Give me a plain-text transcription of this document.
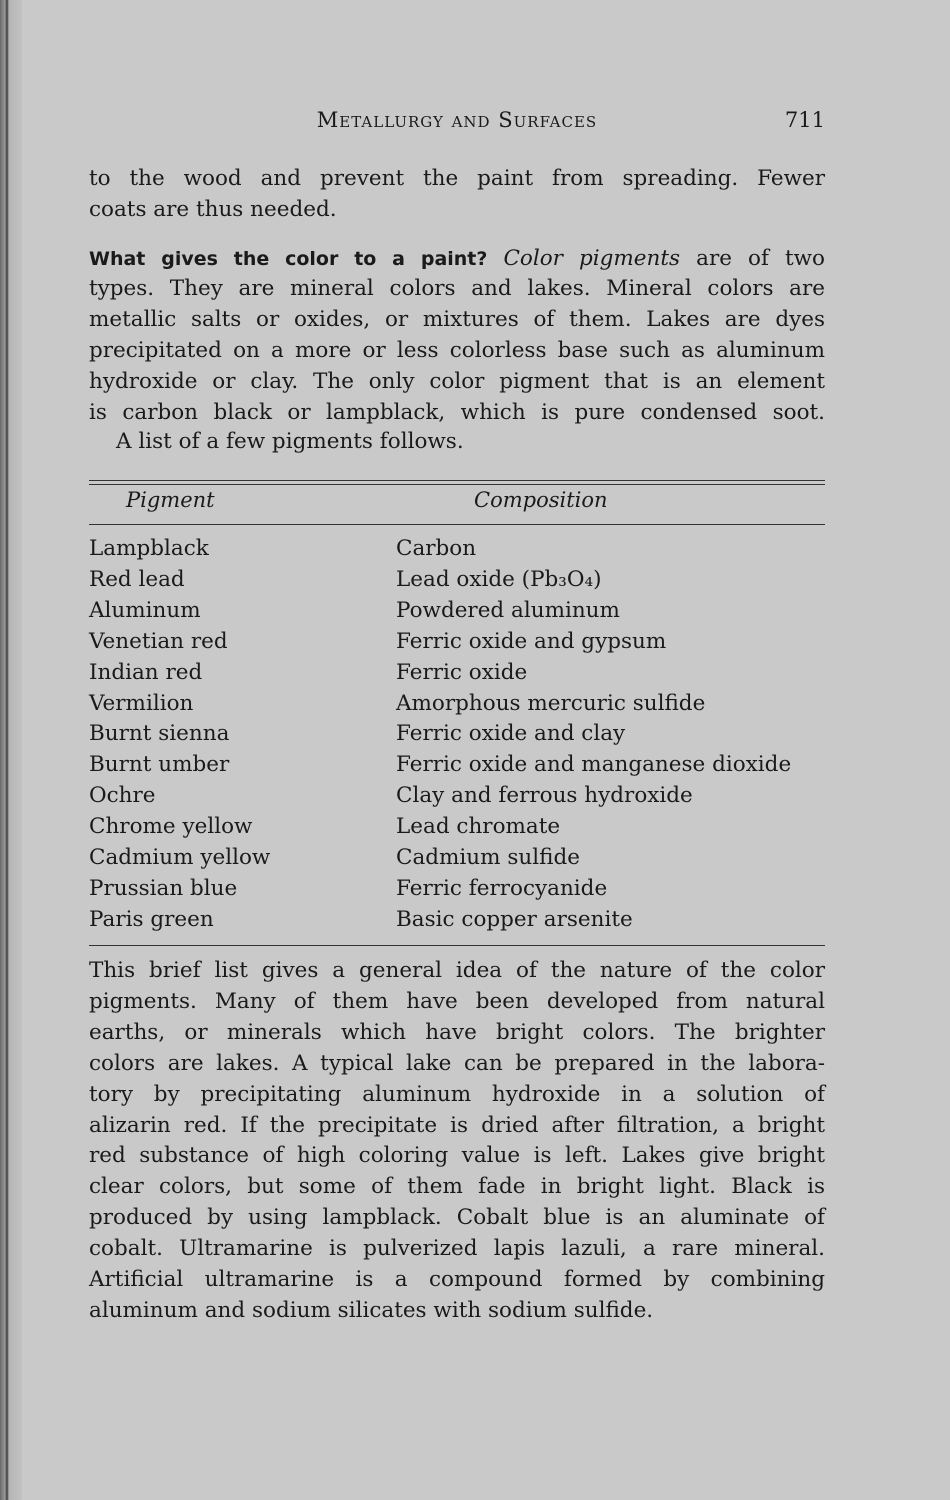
Metallurgy and Surfaces	711
to the wood and prevent the paint from spreading. Fewer
coats are thus needed.
What gives the color to a paint? Color pigments are of two
types. They are mineral colors and lakes. Mineral colors are
metallic salts or oxides, or mixtures of them. Lakes are dyes
precipitated on a more or less colorless base such as aluminum
hydroxide or clay. The only color pigment that is an element
is carbon black or lampblack, which is pure condensed soot.
A list of a few pigments follows.
Pigment	Composition
Lampblack	Carbon
Red lead	Lead oxide (Pb₃O₄)
Aluminum	Powdered aluminum
Venetian red	Ferric oxide and gypsum
Indian red	Ferric oxide
Vermilion	Amorphous mercuric sulfide
Burnt sienna	Ferric oxide and clay
Burnt umber	Ferric oxide and manganese dioxide
Ochre	Clay and ferrous hydroxide
Chrome yellow	Lead chromate
Cadmium yellow	Cadmium sulfide
Prussian blue	Ferric ferrocyanide
Paris green	Basic copper arsenite
This brief list gives a general idea of the nature of the color
pigments. Many of them have been developed from natural
earths, or minerals which have bright colors. The brighter
colors are lakes. A typical lake can be prepared in the labora-
tory by precipitating aluminum hydroxide in a solution of
alizarin red. If the precipitate is dried after filtration, a bright
red substance of high coloring value is left. Lakes give bright
clear colors, but some of them fade in bright light. Black is
produced by using lampblack. Cobalt blue is an aluminate of
cobalt. Ultramarine is pulverized lapis lazuli, a rare mineral.
Artificial ultramarine is a compound formed by combining
aluminum and sodium silicates with sodium sulfide.
